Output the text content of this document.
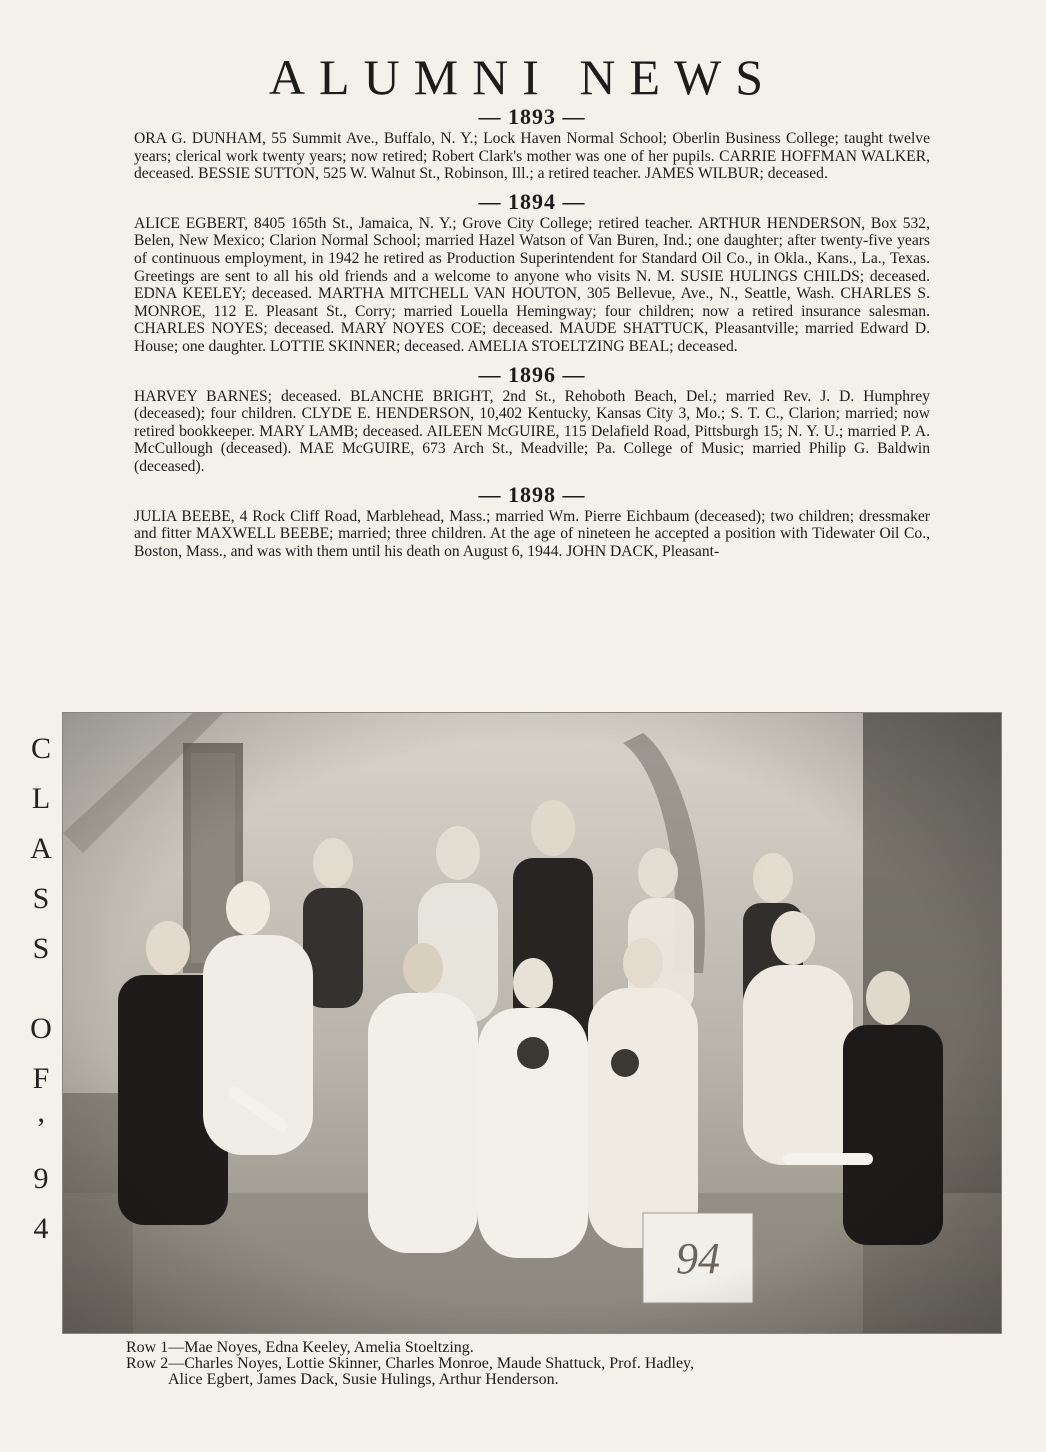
ALUMNI NEWS
— 1893 —

ORA G. DUNHAM, 55 Summit Ave., Buffalo, N. Y.; Lock Haven Normal School; Oberlin Business College; taught twelve years; clerical work twenty years; now retired; Robert Clark's mother was one of her pupils. CARRIE HOFFMAN WALKER, deceased. BESSIE SUTTON, 525 W. Walnut St., Robinson, Ill.; a retired teacher. JAMES WILBUR; deceased.

— 1894 —

ALICE EGBERT, 8405 165th St., Jamaica, N. Y.; Grove City College; retired teacher. ARTHUR HENDERSON, Box 532, Belen, New Mexico; Clarion Normal School; married Hazel Watson of Van Buren, Ind.; one daughter; after twenty-five years of continuous employment, in 1942 he retired as Production Superintendent for Standard Oil Co., in Okla., Kans., La., Texas. Greetings are sent to all his old friends and a welcome to anyone who visits N. M. SUSIE HULINGS CHILDS; deceased. EDNA KEELEY; deceased. MARTHA MITCHELL VAN HOUTON, 305 Bellevue, Ave., N., Seattle, Wash. CHARLES S. MONROE, 112 E. Pleasant St., Corry; married Louella Hemingway; four children; now a retired insurance salesman. CHARLES NOYES; deceased. MARY NOYES COE; deceased. MAUDE SHATTUCK, Pleasantville; married Edward D. House; one daughter. LOTTIE SKINNER; deceased. AMELIA STOELTZING BEAL; deceased.

— 1896 —

HARVEY BARNES; deceased. BLANCHE BRIGHT, 2nd St., Rehoboth Beach, Del.; married Rev. J. D. Humphrey (deceased); four children. CLYDE E. HENDERSON, 10,402 Kentucky, Kansas City 3, Mo.; S. T. C., Clarion; married; now retired bookkeeper. MARY LAMB; deceased. AILEEN McGUIRE, 115 Delafield Road, Pittsburgh 15; N. Y. U.; married P. A. McCullough (deceased). MAE McGUIRE, 673 Arch St., Meadville; Pa. College of Music; married Philip G. Baldwin (deceased).

— 1898 —

JULIA BEEBE, 4 Rock Cliff Road, Marblehead, Mass.; married Wm. Pierre Eichbaum (deceased); two children; dressmaker and fitter MAXWELL BEEBE; married; three children. At the age of nineteen he accepted a position with Tidewater Oil Co., Boston, Mass., and was with them until his death on August 6, 1944. JOHN DACK, Pleasant-

C
L
A
S
S
O
F
’
9
4
Row 1—Mae Noyes, Edna Keeley, Amelia Stoeltzing.
Row 2—Charles Noyes, Lottie Skinner, Charles Monroe, Maude Shattuck, Prof. Hadley,
Alice Egbert, James Dack, Susie Hulings, Arthur Henderson.
